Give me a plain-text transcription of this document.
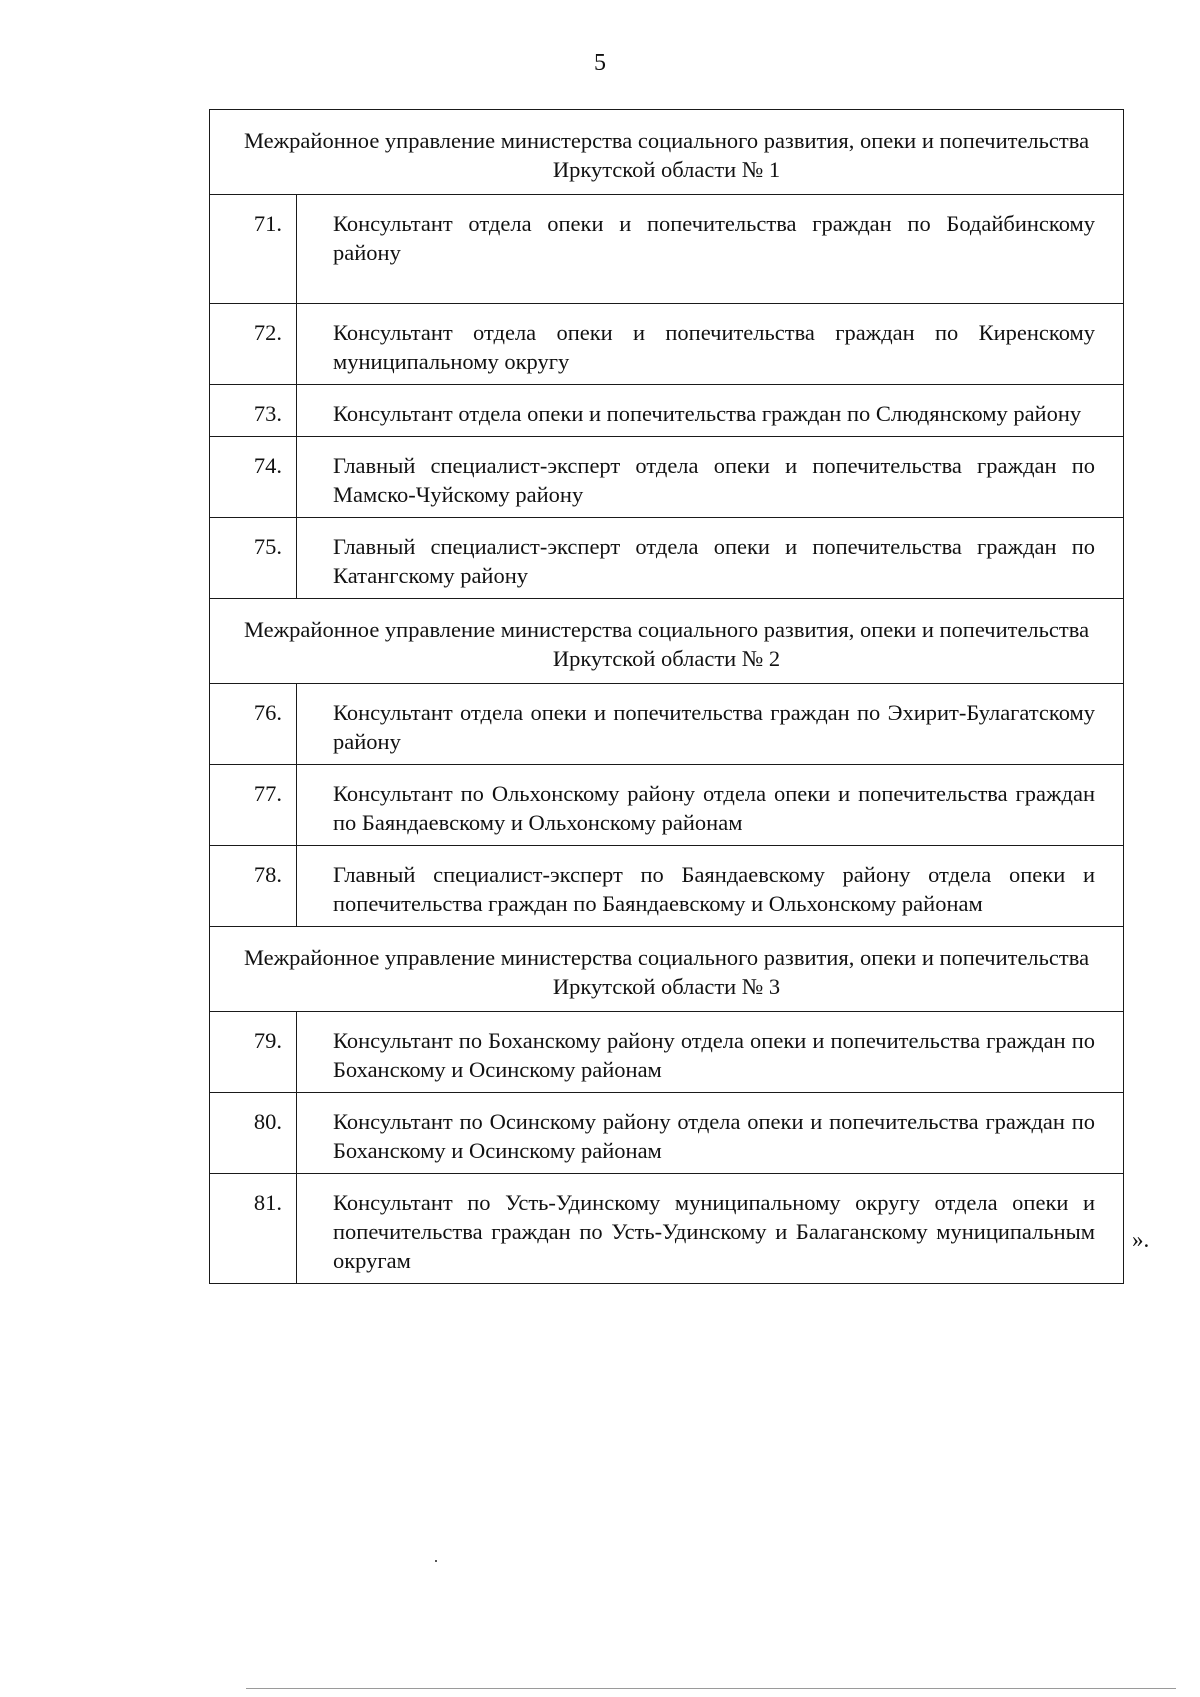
5
Межрайонное управление министерства социального развития, опеки и попечительства Иркутской области № 1	
71.	Консультант отдела опеки и попечительства граждан по Бодайбинскому району
72.	Консультант отдела опеки и попечительства граждан по Киренскому муниципальному округу
73.	Консультант отдела опеки и попечительства граждан по Слюдянскому району
74.	Главный специалист-эксперт отдела опеки и попечительства граждан по Мамско-Чуйскому району
75.	Главный специалист-эксперт отдела опеки и попечительства граждан по Катангскому району
Межрайонное управление министерства социального развития, опеки и попечительства Иркутской области № 2	
76.	Консультант отдела опеки и попечительства граждан по Эхирит-Булагатскому району
77.	Консультант по Ольхонскому району отдела опеки и попечительства граждан по Баяндаевскому и Ольхонскому районам
78.	Главный специалист-эксперт по Баяндаевскому району отдела опеки и попечительства граждан по Баяндаевскому и Ольхонскому районам
Межрайонное управление министерства социального развития, опеки и попечительства Иркутской области № 3	
79.	Консультант по Боханскому району отдела опеки и попечительства граждан по Боханскому и Осинскому районам
80.	Консультант по Осинскому району отдела опеки и попечительства граждан по Боханскому и Осинскому районам
81.	Консультант по Усть-Удинскому муниципальному округу отдела опеки и попечительства граждан по Усть-Удинскому и Балаганскому муниципальным округам
».
